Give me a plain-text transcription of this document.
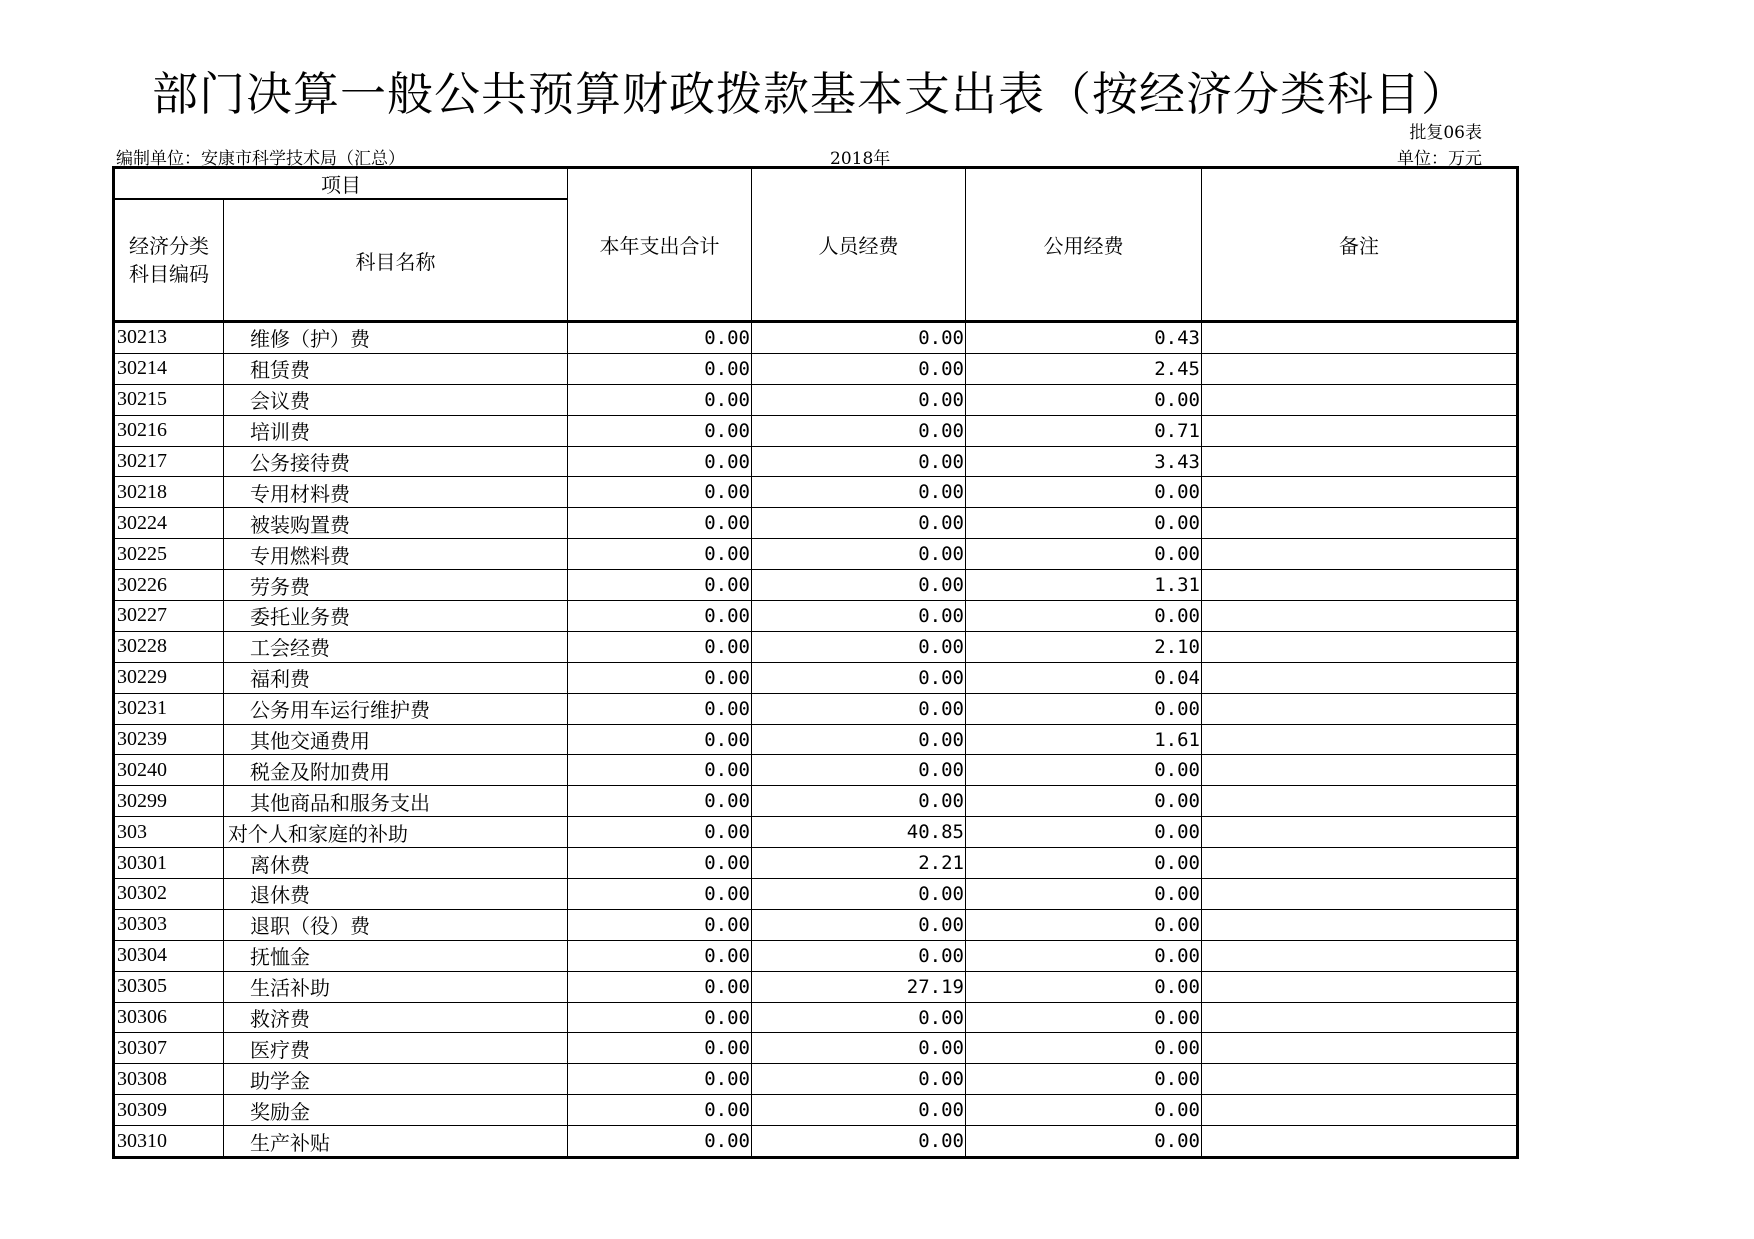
部门决算一般公共预算财政拨款基本支出表（按经济分类科目）
批复06表
编制单位：安康市科学技术局（汇总）	2018年	单位：万元
项目		本年支出合计	人员经费	公用经费	备注
经济分类科目编码	科目名称				
30213	维修（护）费	0.00	0.00	0.43	
30214	租赁费	0.00	0.00	2.45	
30215	会议费	0.00	0.00	0.00	
30216	培训费	0.00	0.00	0.71	
30217	公务接待费	0.00	0.00	3.43	
30218	专用材料费	0.00	0.00	0.00	
30224	被装购置费	0.00	0.00	0.00	
30225	专用燃料费	0.00	0.00	0.00	
30226	劳务费	0.00	0.00	1.31	
30227	委托业务费	0.00	0.00	0.00	
30228	工会经费	0.00	0.00	2.10	
30229	福利费	0.00	0.00	0.04	
30231	公务用车运行维护费	0.00	0.00	0.00	
30239	其他交通费用	0.00	0.00	1.61	
30240	税金及附加费用	0.00	0.00	0.00	
30299	其他商品和服务支出	0.00	0.00	0.00	
303	对个人和家庭的补助	0.00	40.85	0.00	
30301	离休费	0.00	2.21	0.00	
30302	退休费	0.00	0.00	0.00	
30303	退职（役）费	0.00	0.00	0.00	
30304	抚恤金	0.00	0.00	0.00	
30305	生活补助	0.00	27.19	0.00	
30306	救济费	0.00	0.00	0.00	
30307	医疗费	0.00	0.00	0.00	
30308	助学金	0.00	0.00	0.00	
30309	奖励金	0.00	0.00	0.00	
30310	生产补贴	0.00	0.00	0.00	
